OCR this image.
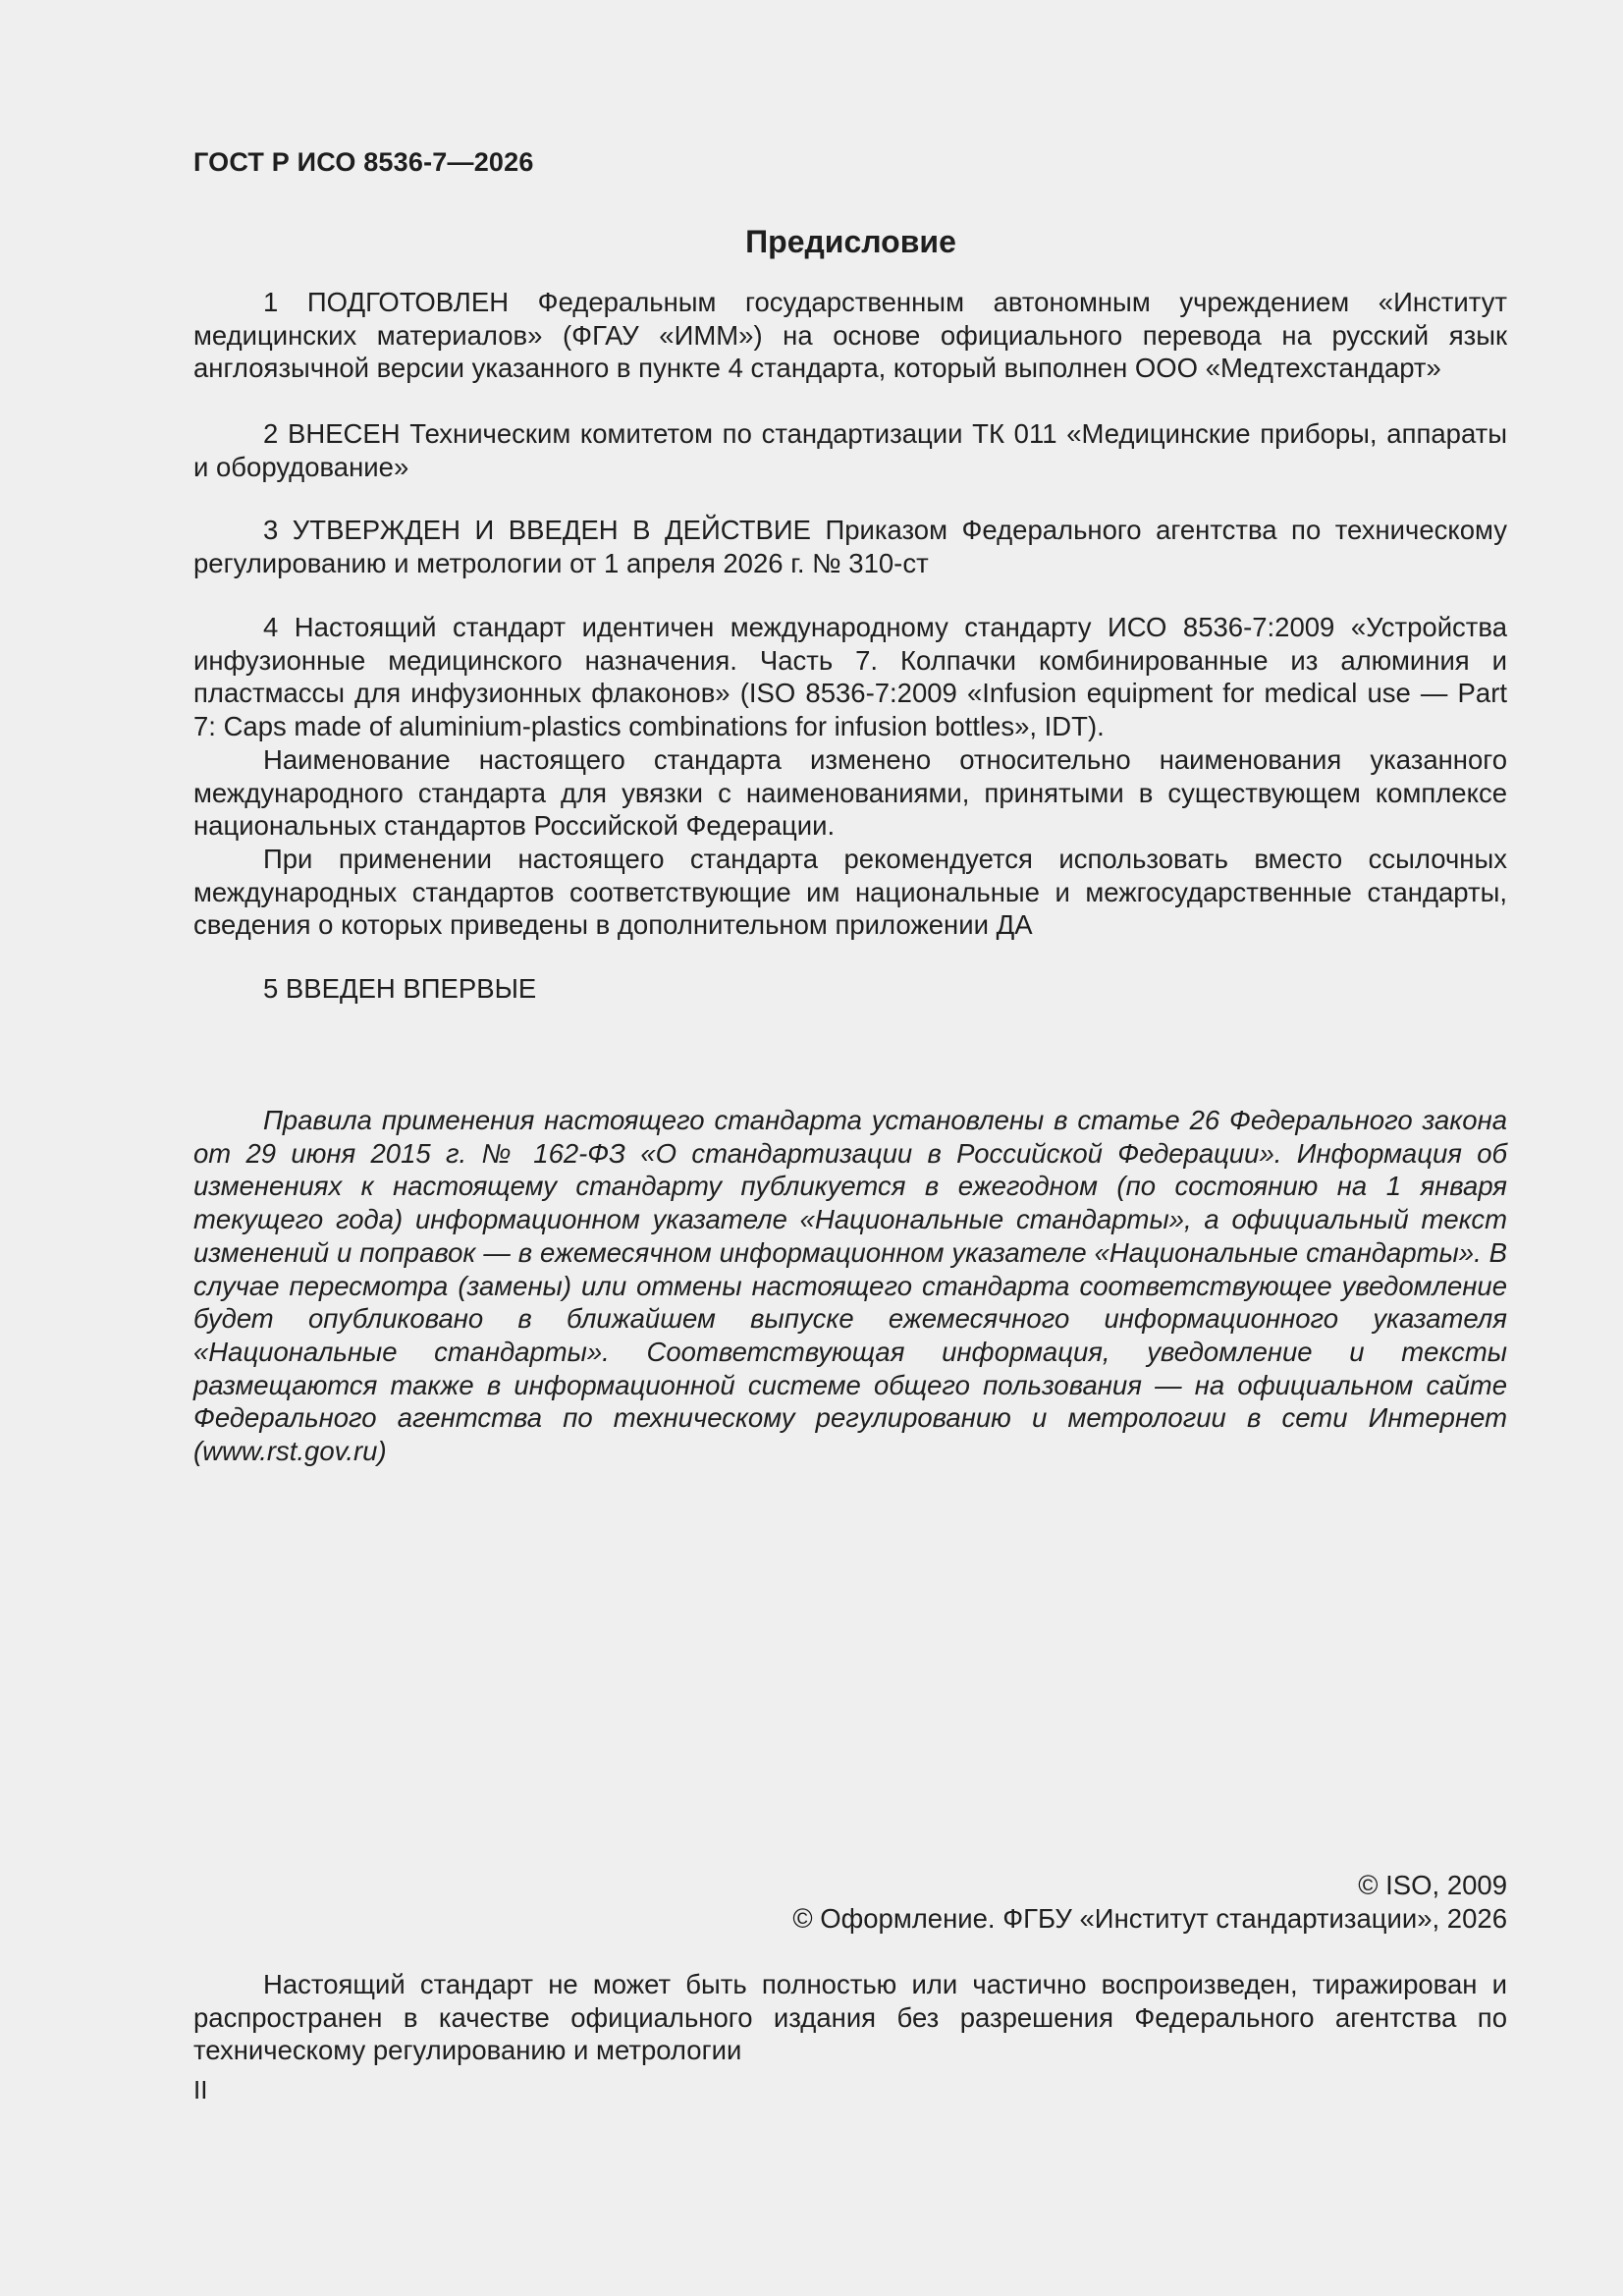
ГОСТ Р ИСО 8536-7—2026
Предисловие

1 ПОДГОТОВЛЕН Федеральным государственным автономным учреждением «Институт медицинских материалов» (ФГАУ «ИММ») на основе официального перевода на русский язык англоязычной версии указанного в пункте 4 стандарта, который выполнен ООО «Медтехстандарт»

2 ВНЕСЕН Техническим комитетом по стандартизации ТК 011 «Медицинские приборы, аппараты и оборудование»

3 УТВЕРЖДЕН И ВВЕДЕН В ДЕЙСТВИЕ Приказом Федерального агентства по техническому регулированию и метрологии от 1 апреля 2026 г. № 310-ст

4 Настоящий стандарт идентичен международному стандарту ИСО 8536-7:2009 «Устройства инфузионные медицинского назначения. Часть 7. Колпачки комбинированные из алюминия и пластмассы для инфузионных флаконов» (ISO 8536-7:2009 «Infusion equipment for medical use — Part 7: Caps made of aluminium-plastics combinations for infusion bottles», IDT).

Наименование настоящего стандарта изменено относительно наименования указанного международного стандарта для увязки с наименованиями, принятыми в существующем комплексе национальных стандартов Российской Федерации.

При применении настоящего стандарта рекомендуется использовать вместо ссылочных международных стандартов соответствующие им национальные и межгосударственные стандарты, сведения о которых приведены в дополнительном приложении ДА

5 ВВЕДЕН ВПЕРВЫЕ

Правила применения настоящего стандарта установлены в статье 26 Федерального закона от 29 июня 2015 г. № 162-ФЗ «О стандартизации в Российской Федерации». Информация об изменениях к настоящему стандарту публикуется в ежегодном (по состоянию на 1 января текущего года) информационном указателе «Национальные стандарты», а официальный текст изменений и поправок — в ежемесячном информационном указателе «Национальные стандарты». В случае пересмотра (замены) или отмены настоящего стандарта соответствующее уведомление будет опубликовано в ближайшем выпуске ежемесячного информационного указателя «Национальные стандарты». Соответствующая информация, уведомление и тексты размещаются также в информационной системе общего пользования — на официальном сайте Федерального агентства по техническому регулированию и метрологии в сети Интернет (www.rst.gov.ru)

© ISO, 2009
© Оформление. ФГБУ «Институт стандартизации», 2026

Настоящий стандарт не может быть полностью или частично воспроизведен, тиражирован и распространен в качестве официального издания без разрешения Федерального агентства по техническому регулированию и метрологии

II
